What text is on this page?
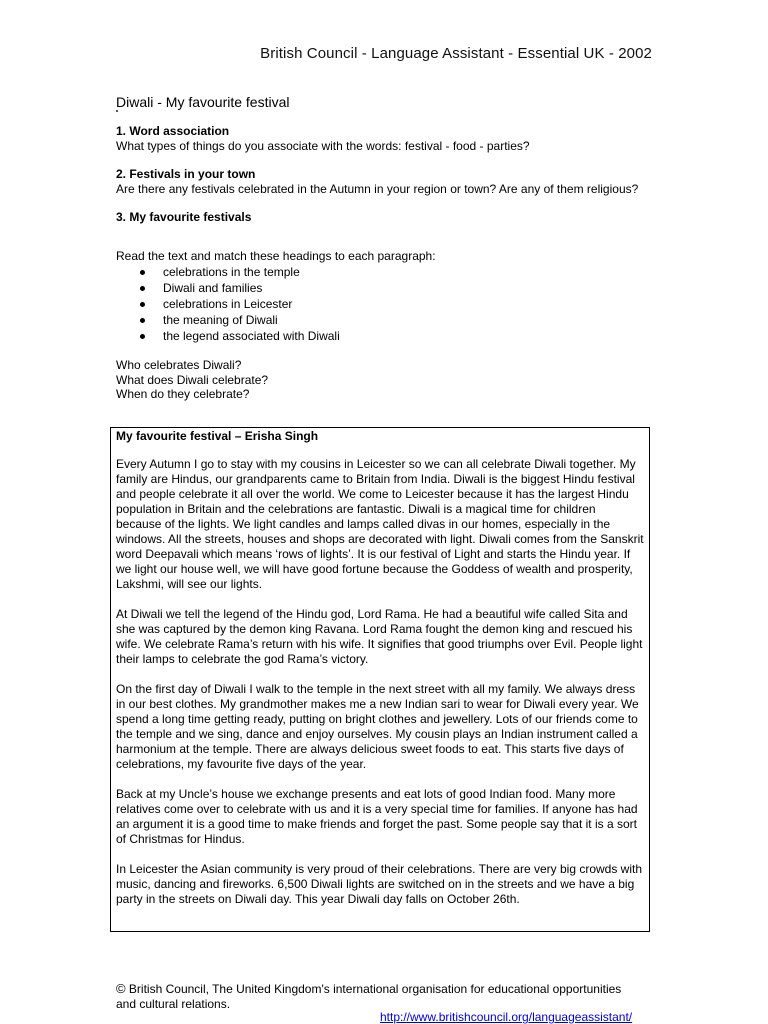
British Council - Language Assistant - Essential UK - 2002
Diwali - My favourite festival
1. Word association

What types of things do you associate with the words: festival - food - parties?

2. Festivals in your town

Are there any festivals celebrated in the Autumn in your region or town? Are any of them religious?

3. My favourite festivals

Read the text and match these headings to each paragraph:

celebrations in the temple
Diwali and families
celebrations in Leicester
the meaning of Diwali
the legend associated with Diwali

Who celebrates Diwali?

What does Diwali celebrate?

When do they celebrate?

My favourite festival – Erisha Singh

Every Autumn I go to stay with my cousins in Leicester so we can all celebrate Diwali together. My family are Hindus, our grandparents came to Britain from India. Diwali is the biggest Hindu festival and people celebrate it all over the world. We come to Leicester because it has the largest Hindu population in Britain and the celebrations are fantastic. Diwali is a magical time for children because of the lights. We light candles and lamps called divas in our homes, especially in the windows. All the streets, houses and shops are decorated with light. Diwali comes from the Sanskrit word Deepavali which means ‘rows of lights’. It is our festival of Light and starts the Hindu year. If we light our house well, we will have good fortune because the Goddess of wealth and prosperity, Lakshmi, will see our lights.

At Diwali we tell the legend of the Hindu god, Lord Rama. He had a beautiful wife called Sita and she was captured by the demon king Ravana. Lord Rama fought the demon king and rescued his wife. We celebrate Rama’s return with his wife. It signifies that good triumphs over Evil. People light their lamps to celebrate the god Rama’s victory.

On the first day of Diwali I walk to the temple in the next street with all my family. We always dress in our best clothes. My grandmother makes me a new Indian sari to wear for Diwali every year. We spend a long time getting ready, putting on bright clothes and jewellery. Lots of our friends come to the temple and we sing, dance and enjoy ourselves. My cousin plays an Indian instrument called a harmonium at the temple. There are always delicious sweet foods to eat. This starts five days of celebrations, my favourite five days of the year.

Back at my Uncle’s house we exchange presents and eat lots of good Indian food. Many more relatives come over to celebrate with us and it is a very special time for families. If anyone has had an argument it is a good time to make friends and forget the past. Some people say that it is a sort of Christmas for Hindus.

In Leicester the Asian community is very proud of their celebrations. There are very big crowds with music, dancing and fireworks. 6,500 Diwali lights are switched on in the streets and we have a big party in the streets on Diwali day. This year Diwali day falls on October 26th.

© British Council, The United Kingdom's international organisation for educational opportunities and cultural relations.

http://www.britishcouncil.org/languageassistant/
